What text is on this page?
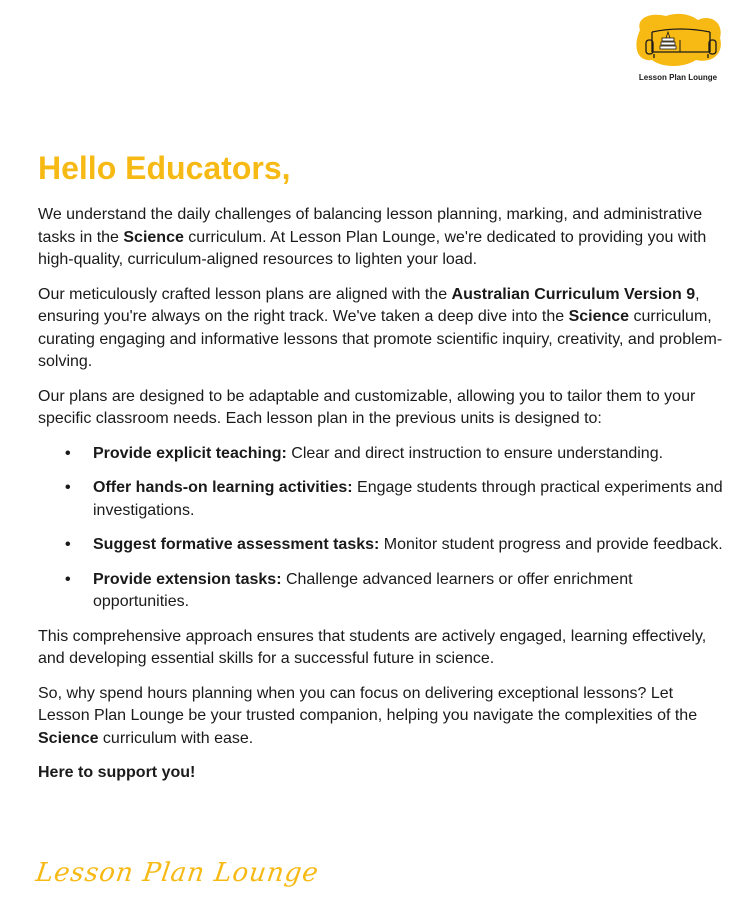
Lesson Plan Lounge
Hello Educators,

We understand the daily challenges of balancing lesson planning, marking, and administrative tasks in the Science curriculum. At Lesson Plan Lounge, we're dedicated to providing you with high-quality, curriculum-aligned resources to lighten your load.

Our meticulously crafted lesson plans are aligned with the Australian Curriculum Version 9, ensuring you're always on the right track. We've taken a deep dive into the Science curriculum, curating engaging and informative lessons that promote scientific inquiry, creativity, and problem-solving.

Our plans are designed to be adaptable and customizable, allowing you to tailor them to your specific classroom needs. Each lesson plan in the previous units is designed to:

• Provide explicit teaching: Clear and direct instruction to ensure understanding.
• Offer hands-on learning activities: Engage students through practical experiments and investigations.
• Suggest formative assessment tasks: Monitor student progress and provide feedback.
• Provide extension tasks: Challenge advanced learners or offer enrichment opportunities.

This comprehensive approach ensures that students are actively engaged, learning effectively, and developing essential skills for a successful future in science.

So, why spend hours planning when you can focus on delivering exceptional lessons? Let Lesson Plan Lounge be your trusted companion, helping you navigate the complexities of the Science curriculum with ease.

Here to support you!

Lesson Plan Lounge
